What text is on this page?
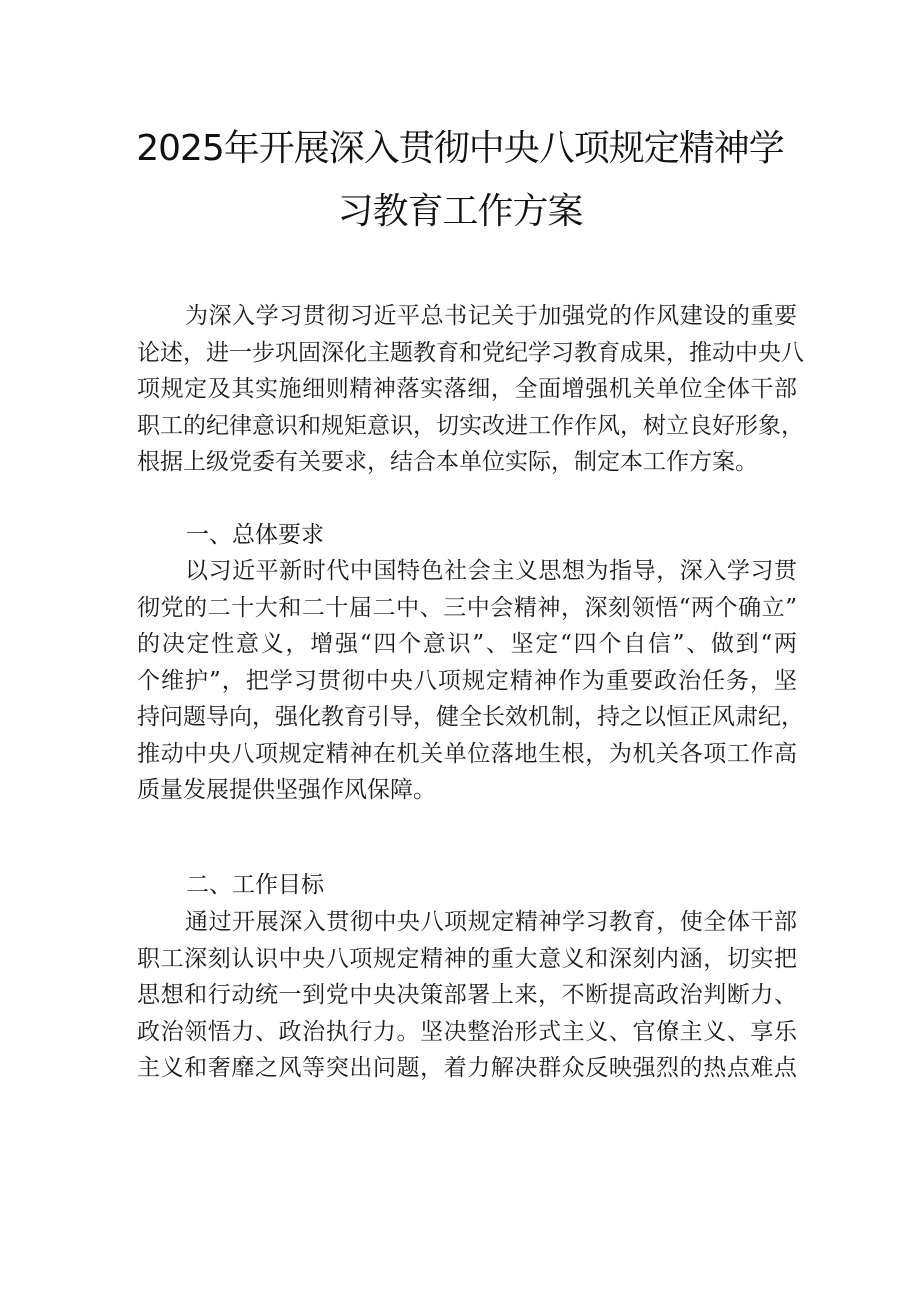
2025年开展深入贯彻中央八项规定精神学
习教育工作方案
为深入学习贯彻习近平总书记关于加强党的作风建设的重要
论述，进一步巩固深化主题教育和党纪学习教育成果，推动中央八
项规定及其实施细则精神落实落细，全面增强机关单位全体干部
职工的纪律意识和规矩意识，切实改进工作作风，树立良好形象，
根据上级党委有关要求，结合本单位实际，制定本工作方案。
一、总体要求
以习近平新时代中国特色社会主义思想为指导，深入学习贯
彻党的二十大和二十届二中、三中会精神，深刻领悟“两个确立”
的决定性意义，增强“四个意识”、坚定“四个自信”、做到“两
个维护”，把学习贯彻中央八项规定精神作为重要政治任务，坚
持问题导向，强化教育引导，健全长效机制，持之以恒正风肃纪，
推动中央八项规定精神在机关单位落地生根，为机关各项工作高
质量发展提供坚强作风保障。
二、工作目标
通过开展深入贯彻中央八项规定精神学习教育，使全体干部
职工深刻认识中央八项规定精神的重大意义和深刻内涵，切实把
思想和行动统一到党中央决策部署上来，不断提高政治判断力、
政治领悟力、政治执行力。坚决整治形式主义、官僚主义、享乐
主义和奢靡之风等突出问题，着力解决群众反映强烈的热点难点
